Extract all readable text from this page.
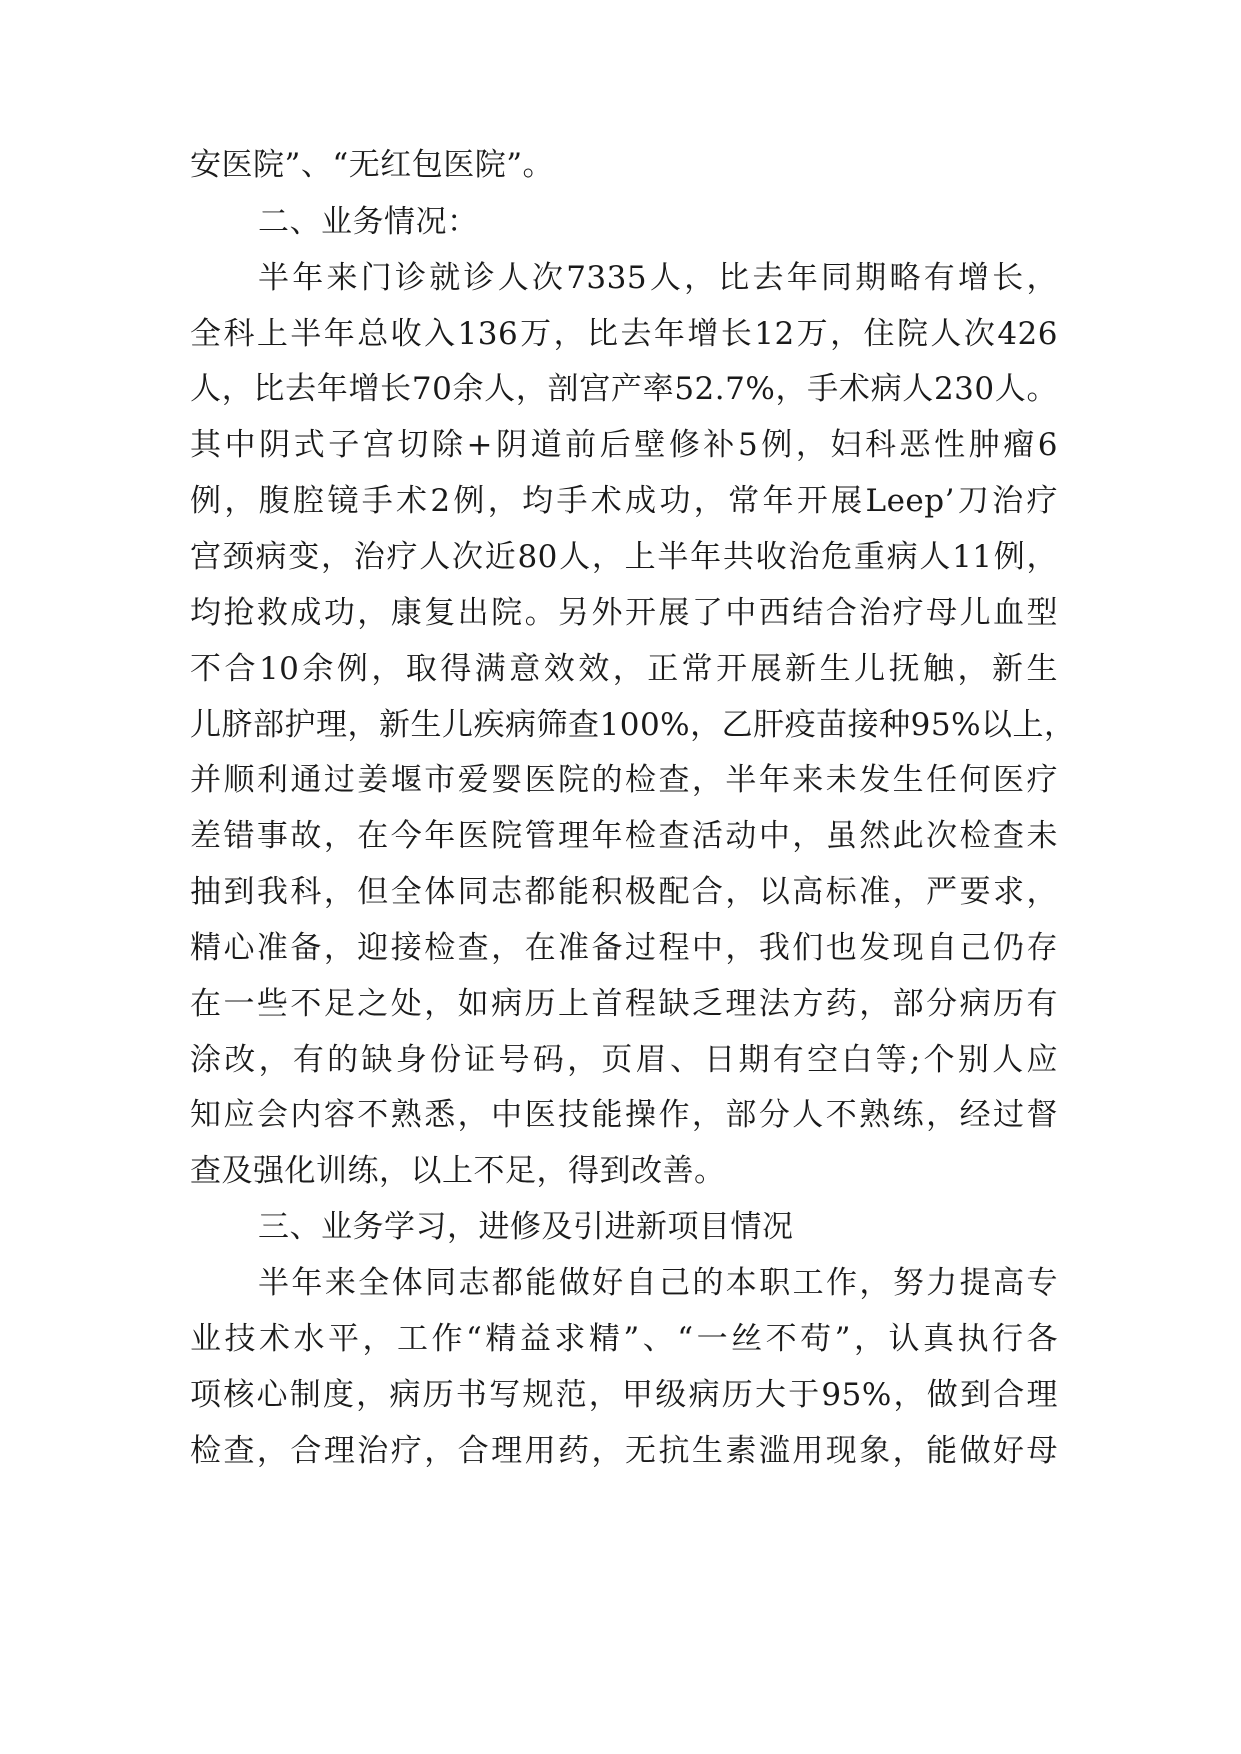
安医院”、“无红包医院”。
二、业务情况：
半年来门诊就诊人次7335人，比去年同期略有增长，
全科上半年总收入136万，比去年增长12万，住院人次426
人，比去年增长70余人，剖宫产率52.7%，手术病人230人。
其中阴式子宫切除+阴道前后壁修补5例，妇科恶性肿瘤6
例，腹腔镜手术2例，均手术成功，常年开展Leep’刀治疗
宫颈病变，治疗人次近80人，上半年共收治危重病人11例，
均抢救成功，康复出院。另外开展了中西结合治疗母儿血型
不合10余例，取得满意效效，正常开展新生儿抚触，新生
儿脐部护理，新生儿疾病筛查100%，乙肝疫苗接种95%以上，
并顺利通过姜堰市爱婴医院的检查，半年来未发生任何医疗
差错事故，在今年医院管理年检查活动中，虽然此次检查未
抽到我科，但全体同志都能积极配合，以高标准，严要求，
精心准备，迎接检查，在准备过程中，我们也发现自己仍存
在一些不足之处，如病历上首程缺乏理法方药，部分病历有
涂改，有的缺身份证号码，页眉、日期有空白等;个别人应
知应会内容不熟悉，中医技能操作，部分人不熟练，经过督
查及强化训练，以上不足，得到改善。
三、业务学习，进修及引进新项目情况
半年来全体同志都能做好自己的本职工作，努力提高专
业技术水平，工作“精益求精”、“一丝不苟”，认真执行各
项核心制度，病历书写规范，甲级病历大于95%，做到合理
检查，合理治疗，合理用药，无抗生素滥用现象，能做好母
